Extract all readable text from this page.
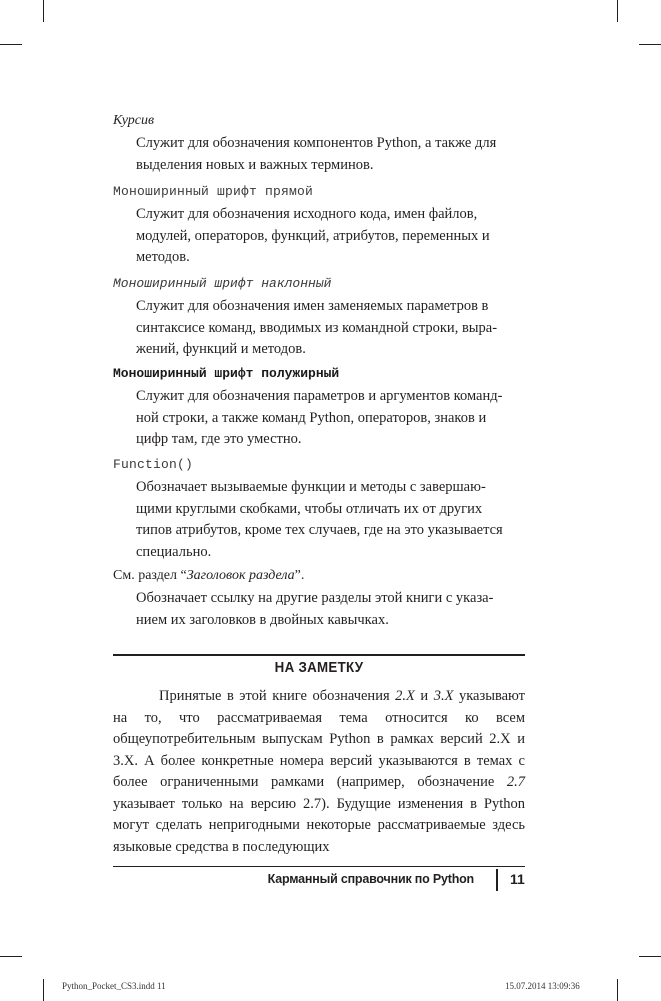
Курсив
Служит для обозначения компонентов Python, а также для
выделения новых и важных терминов.
Моноширинный шрифт прямой
Служит для обозначения исходного кода, имен файлов,
модулей, операторов, функций, атрибутов, переменных и
методов.
Моноширинный шрифт наклонный
Служит для обозначения имен заменяемых параметров в
синтаксисе команд, вводимых из командной строки, выра-
жений, функций и методов.
Моноширинный шрифт полужирный
Служит для обозначения параметров и аргументов команд-
ной строки, а также команд Python, операторов, знаков и
цифр там, где это уместно.
Function()
Обозначает вызываемые функции и методы с завершаю-
щими круглыми скобками, чтобы отличать их от других
типов атрибутов, кроме тех случаев, где на это указывается
специально.
См. раздел “Заголовок раздела”.
Обозначает ссылку на другие разделы этой книги с указа-
нием их заголовков в двойных кавычках.
НА ЗАМЕТКУ
Принятые в этой книге обозначения 2.X и 3.X указывают на то, что рассматриваемая тема относится ко всем общеупотребительным выпускам Python в рамках версий 2.X и 3.X. А более конкретные номера версий указываются в темах с более ограниченными рамками (например, обозначение 2.7 указывает только на версию 2.7). Будущие изменения в Python могут сделать непригодными некоторые рассматриваемые здесь языковые средства в последующих
Карманный справочник по Python	11
Python_Pocket_CS3.indd 11	15.07.2014 13:09:36
